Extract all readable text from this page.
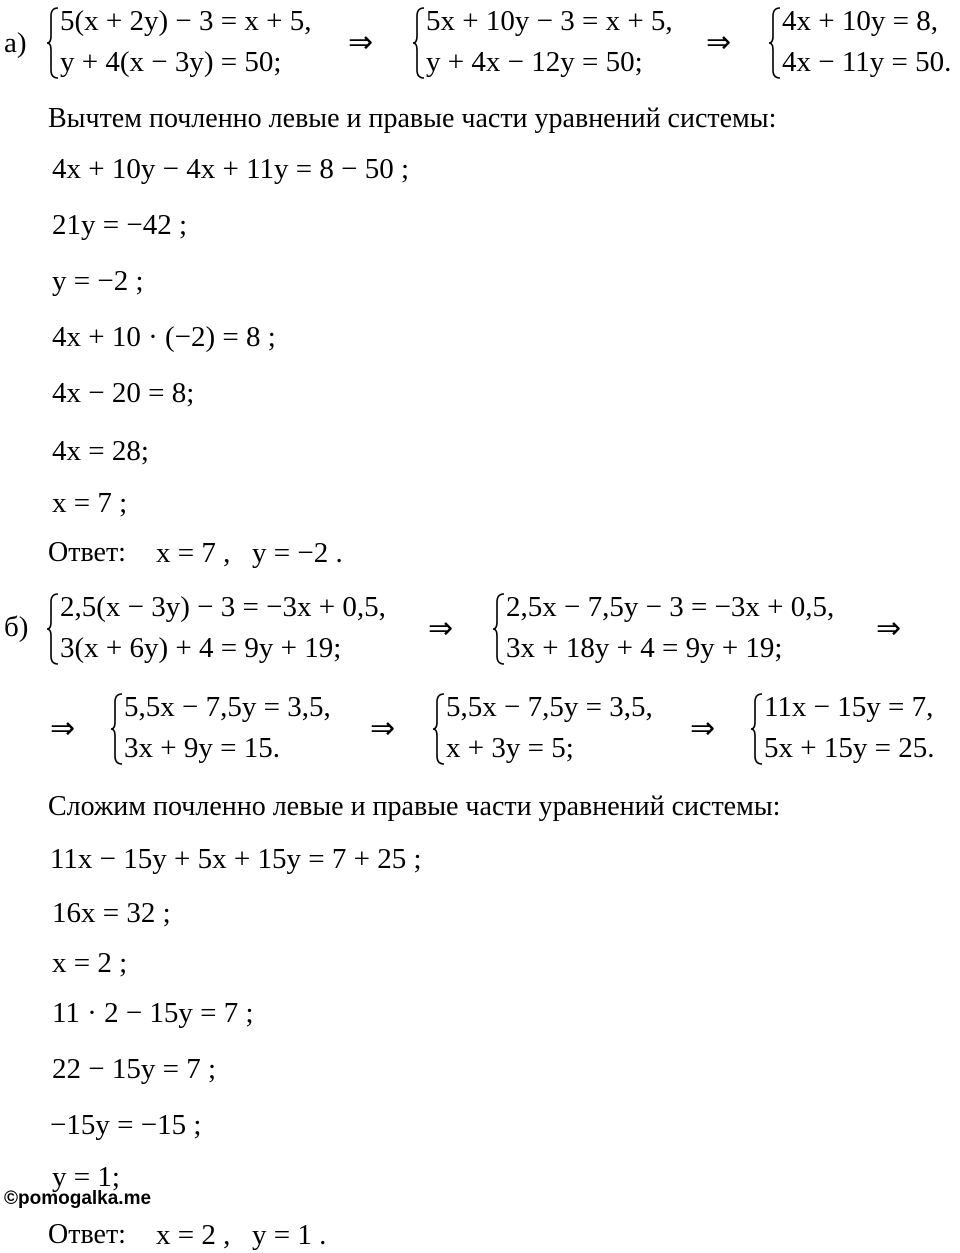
а)
5(x + 2y) − 3 = x + 5,
y + 4(x − 3y) = 50;
⇒
5x + 10y − 3 = x + 5,
y + 4x − 12y = 50;
⇒
4x + 10y = 8,
4x − 11y = 50.
Вычтем почленно левые и правые части уравнений системы:
4x + 10y − 4x + 11y = 8 − 50 ;
21y = −42 ;
y = −2 ;
4x + 10 · (−2) = 8 ;
4x − 20 = 8;
4x = 28;
x = 7 ;
Ответ: x = 7 , y = −2 .
б)
2,5(x − 3y) − 3 = −3x + 0,5,
3(x + 6y) + 4 = 9y + 19;
⇒
2,5x − 7,5y − 3 = −3x + 0,5,
3x + 18y + 4 = 9y + 19;
⇒
⇒
5,5x − 7,5y = 3,5,
3x + 9y = 15.
⇒
5,5x − 7,5y = 3,5,
x + 3y = 5;
⇒
11x − 15y = 7,
5x + 15y = 25.
Сложим почленно левые и правые части уравнений системы:
11x − 15y + 5x + 15y = 7 + 25 ;
16x = 32 ;
x = 2 ;
11 · 2 − 15y = 7 ;
22 − 15y = 7 ;
−15y = −15 ;
y = 1;
©pomogalka.me
Ответ: x = 2 , y = 1 .
